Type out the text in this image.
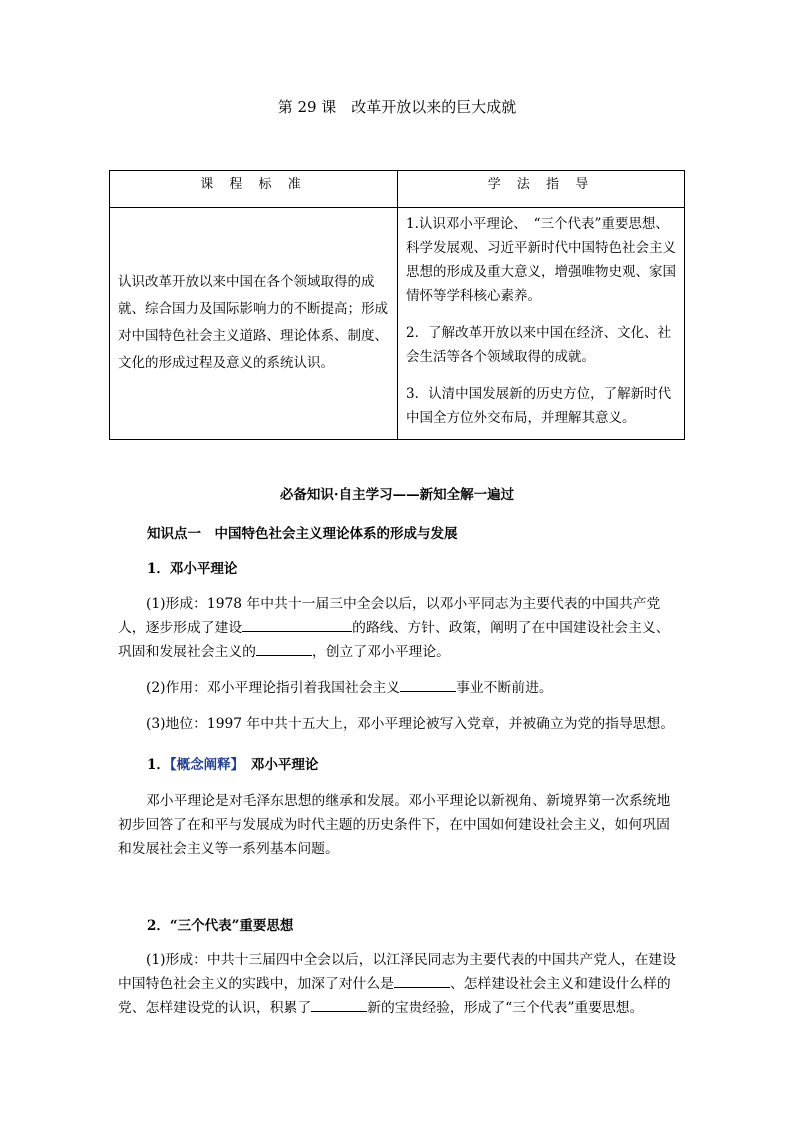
第 29 课　改革开放以来的巨大成就
课 程 标 准	学 法 指 导
认识改革开放以来中国在各个领域取得的成就、综合国力及国际影响力的不断提高；形成对中国特色社会主义道路、理论体系、制度、文化的形成过程及意义的系统认识。

1.认识邓小平理论、　“三个代表”重要思想、科学发展观、习近平新时代中国特色社会主义思想的形成及重大意义，增强唯物史观、家国情怀等学科核心素养。

2．了解改革开放以来中国在经济、文化、社会生活等各个领域取得的成就。

3．认清中国发展新的历史方位，了解新时代中国全方位外交布局，并理解其意义。

必备知识·自主学习——新知全解一遍过
知识点一　中国特色社会主义理论体系的形成与发展
1．邓小平理论
(1)形成：1978 年中共十一届三中全会以后，以邓小平同志为主要代表的中国共产党人，逐步形成了建设	的路线、方针、政策，阐明了在中国建设社会主义、巩固和发展社会主义的	，创立了邓小平理论。
(2)作用：邓小平理论指引着我国社会主义	事业不断前进。
(3)地位：1997 年中共十五大上，邓小平理论被写入党章，并被确立为党的指导思想。
1．【概念阐释】　邓小平理论
邓小平理论是对毛泽东思想的继承和发展。邓小平理论以新视角、新境界第一次系统地初步回答了在和平与发展成为时代主题的历史条件下，在中国如何建设社会主义，如何巩固和发展社会主义等一系列基本问题。
2．“三个代表”重要思想
(1)形成：中共十三届四中全会以后，以江泽民同志为主要代表的中国共产党人，在建设中国特色社会主义的实践中，加深了对什么是	、怎样建设社会主义和建设什么样的党、怎样建设党的认识，积累了	新的宝贵经验，形成了“三个代表”重要思想。
